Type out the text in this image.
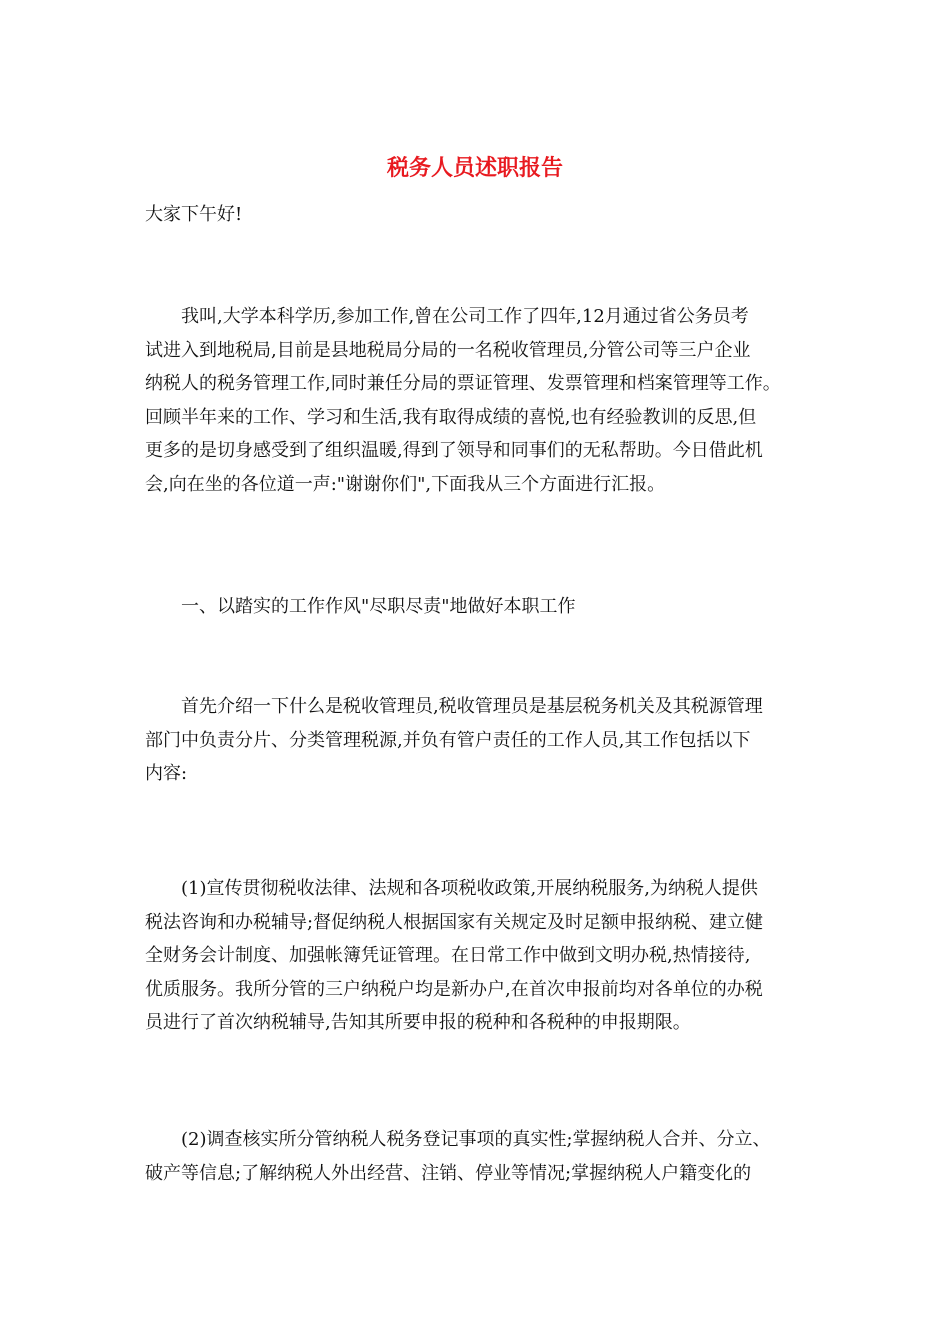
税务人员述职报告
大家下午好!
　　我叫,大学本科学历,参加工作,曾在公司工作了四年,12月通过省公务员考
试进入到地税局,目前是县地税局分局的一名税收管理员,分管公司等三户企业
纳税人的税务管理工作,同时兼任分局的票证管理、发票管理和档案管理等工作。
回顾半年来的工作、学习和生活,我有取得成绩的喜悦,也有经验教训的反思,但
更多的是切身感受到了组织温暖,得到了领导和同事们的无私帮助。今日借此机
会,向在坐的各位道一声:"谢谢你们",下面我从三个方面进行汇报。
　　一、以踏实的工作作风"尽职尽责"地做好本职工作
　　首先介绍一下什么是税收管理员,税收管理员是基层税务机关及其税源管理
部门中负责分片、分类管理税源,并负有管户责任的工作人员,其工作包括以下
内容:
　　(1)宣传贯彻税收法律、法规和各项税收政策,开展纳税服务,为纳税人提供
税法咨询和办税辅导;督促纳税人根据国家有关规定及时足额申报纳税、建立健
全财务会计制度、加强帐簿凭证管理。在日常工作中做到文明办税,热情接待,
优质服务。我所分管的三户纳税户均是新办户,在首次申报前均对各单位的办税
员进行了首次纳税辅导,告知其所要申报的税种和各税种的申报期限。
　　(2)调查核实所分管纳税人税务登记事项的真实性;掌握纳税人合并、分立、
破产等信息;了解纳税人外出经营、注销、停业等情况;掌握纳税人户籍变化的
